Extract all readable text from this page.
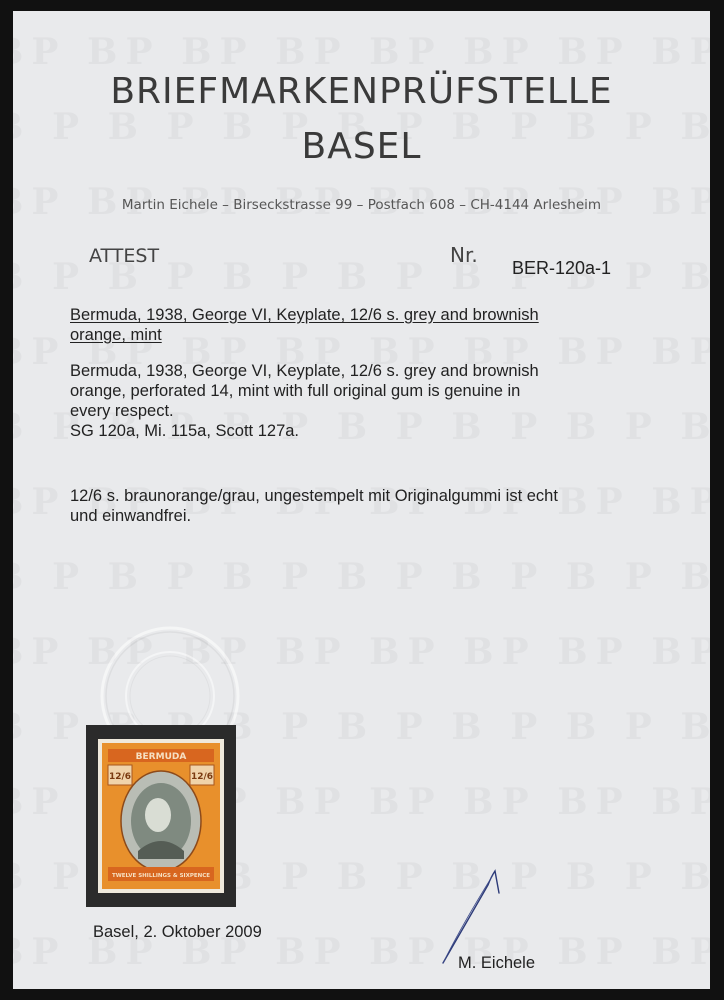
BRIEFMARKENPRÜFSTELLE
BASEL
Martin Eichele – Birseckstrasse 99 – Postfach 608 – CH-4144 Arlesheim
ATTEST	Nr.
BER-120a-1
Bermuda, 1938, George VI, Keyplate, 12/6 s. grey and brownish
orange, mint
Bermuda, 1938, George VI, Keyplate, 12/6 s. grey and brownish
orange, perforated 14, mint with full original gum is genuine in
every respect.
SG 120a, Mi. 115a, Scott 127a.
12/6 s. braunorange/grau, ungestempelt mit Originalgummi ist echt
und einwandfrei.
BERMUDA
12/6	12/6
TWELVE SHILLINGS & SIXPENCE
Basel, 2. Oktober 2009
M. Eichele
